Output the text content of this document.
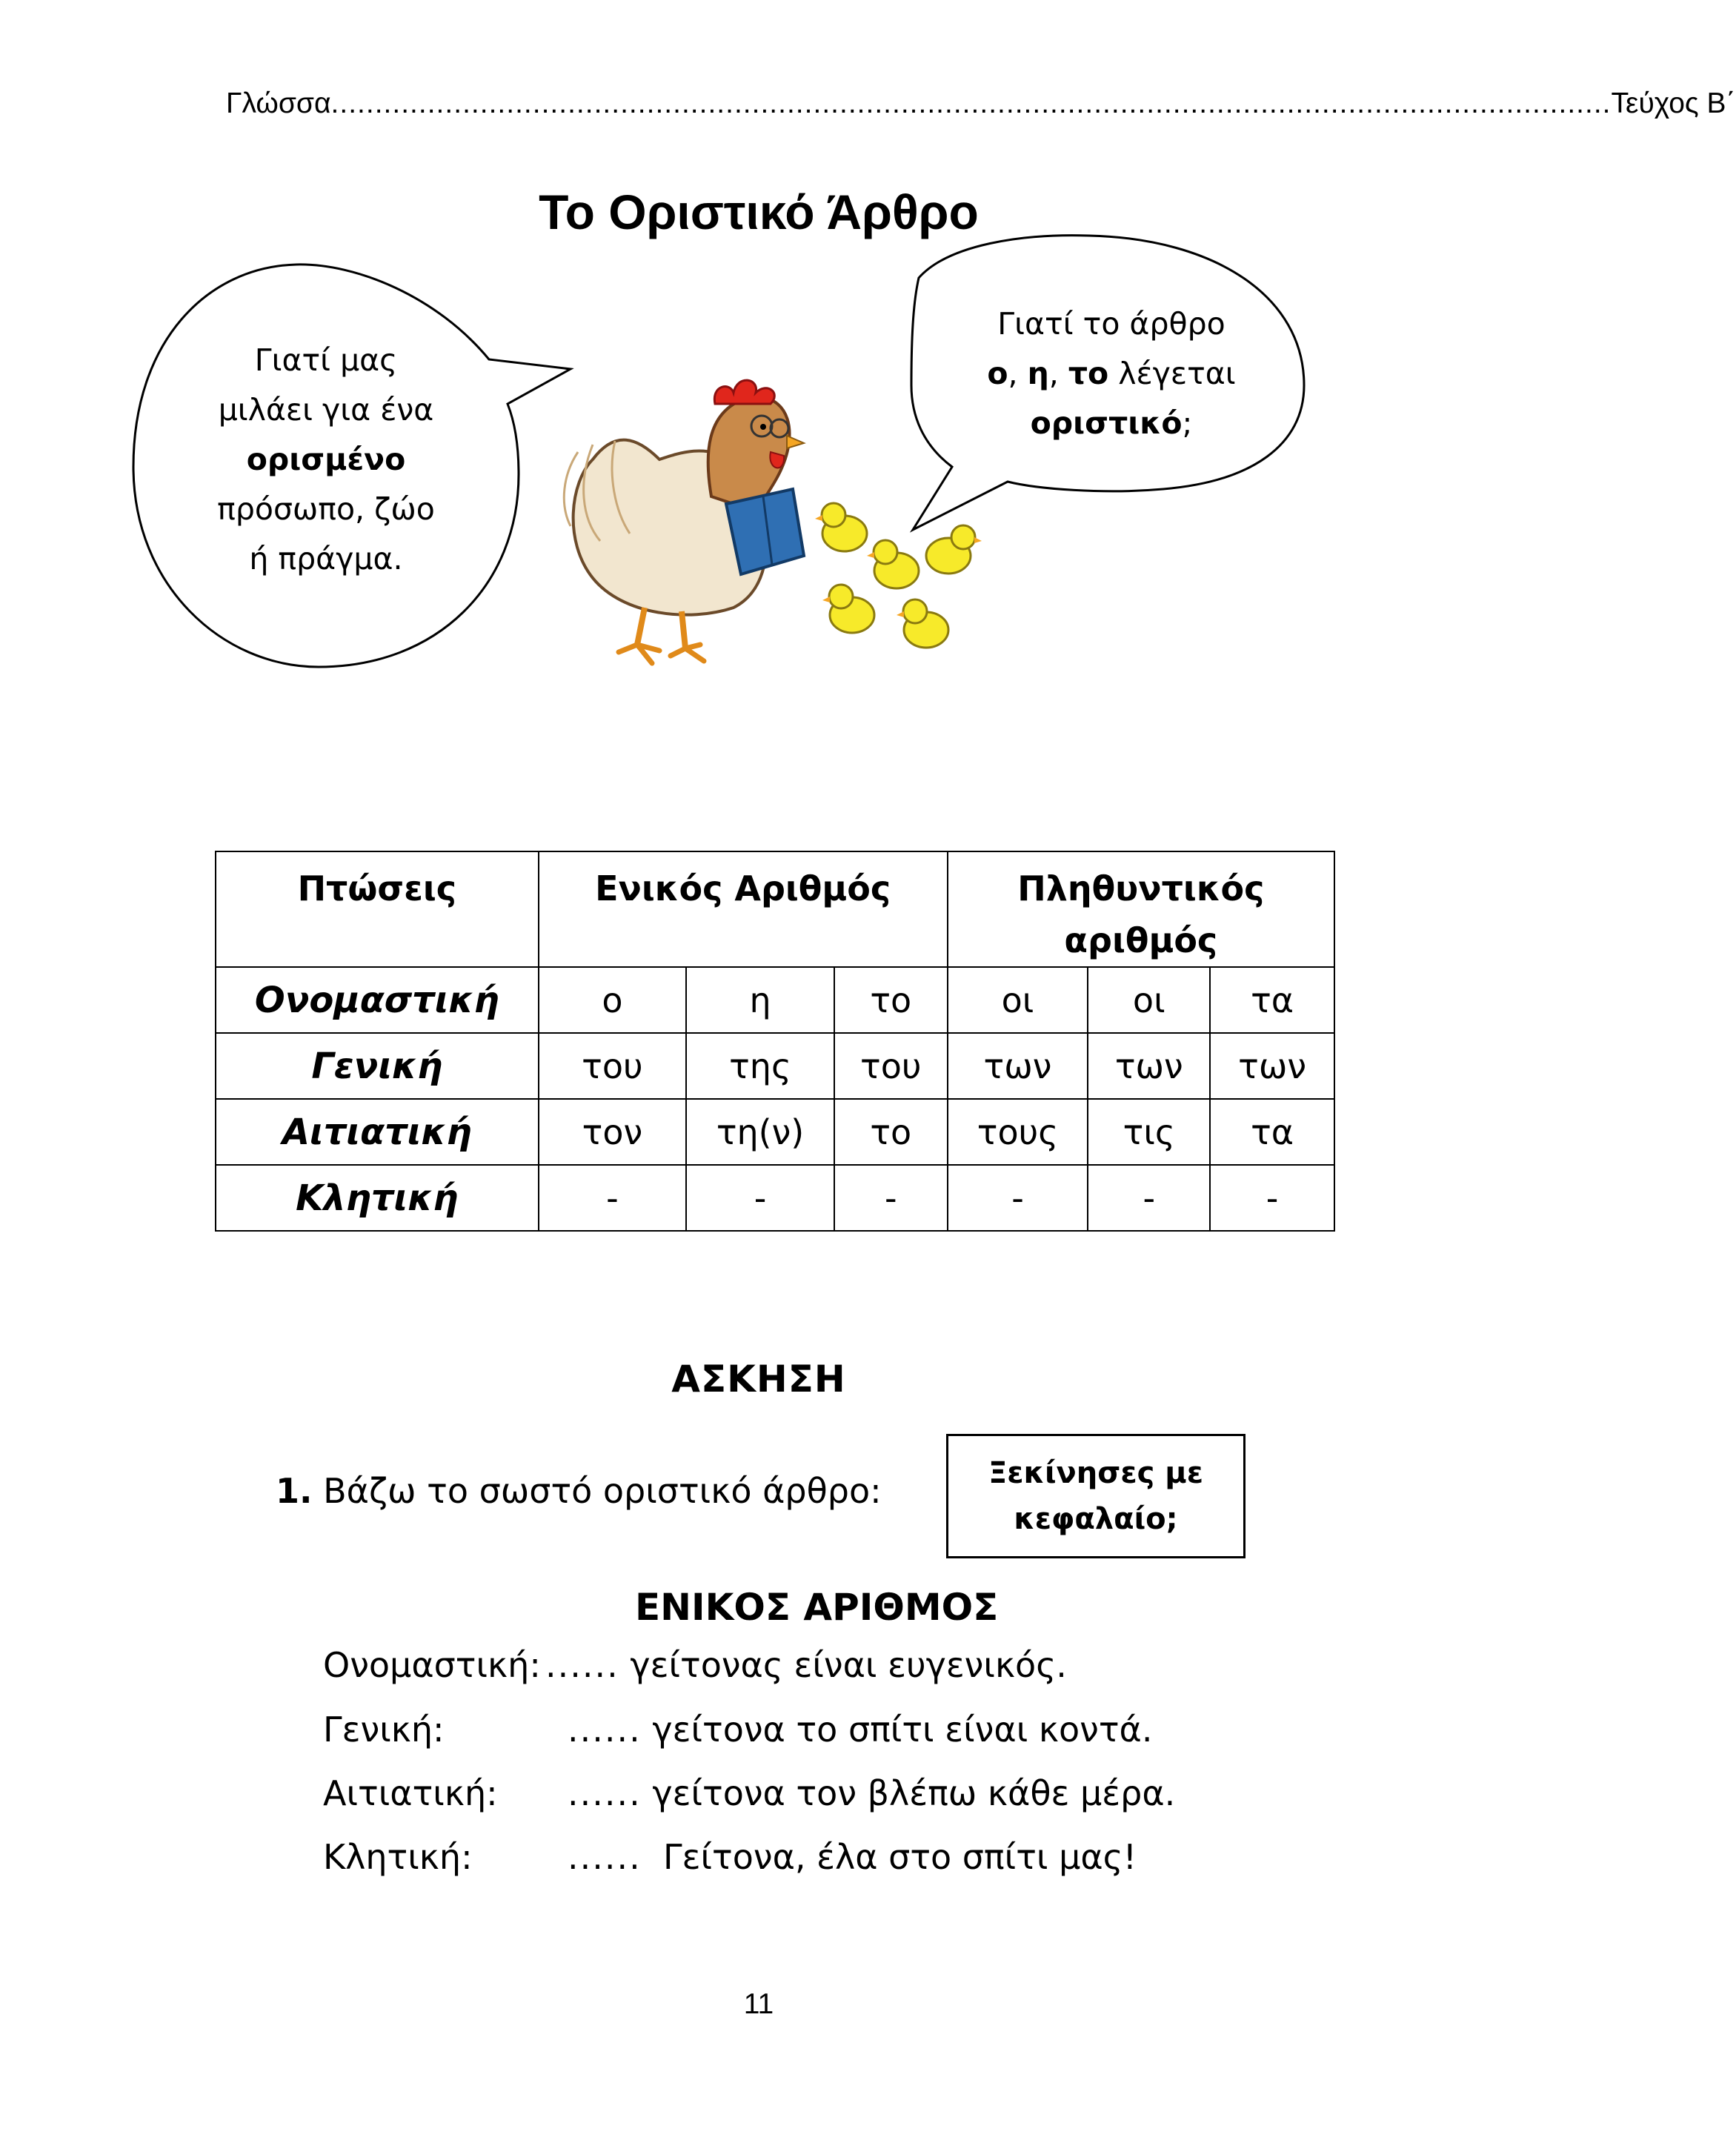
Γλώσσα .................................................................................................................................................. Τεύχος Β΄
Το Οριστικό Άρθρο
Γιατί μας
μιλάει για ένα
ορισμένο
πρόσωπο, ζώο
ή πράγμα.
Γιατί το άρθρο
ο, η, το λέγεται
οριστικό;
Πτώσεις	Ενικός Αριθμός			Πληθυντικός αριθμός		
Ονομαστική	ο	η	το	οι	οι	τα
Γενική	του	της	του	των	των	των
Αιτιατική	τον	τη(ν)	το	τους	τις	τα
Κλητική	-	-	-	-	-	-
ΑΣΚΗΣΗ
1. Βάζω το σωστό οριστικό άρθρο:	Ξεκίνησες με κεφαλαίο;
ΕΝΙΚΟΣ ΑΡΙΘΜΟΣ
Ονομαστική: ...... γείτονας είναι ευγενικός.
Γενική:	...... γείτονα το σπίτι είναι κοντά.
Αιτιατική: ...... γείτονα τον βλέπω κάθε μέρα.
Κλητική:	......  Γείτονα, έλα στο σπίτι μας!
11
